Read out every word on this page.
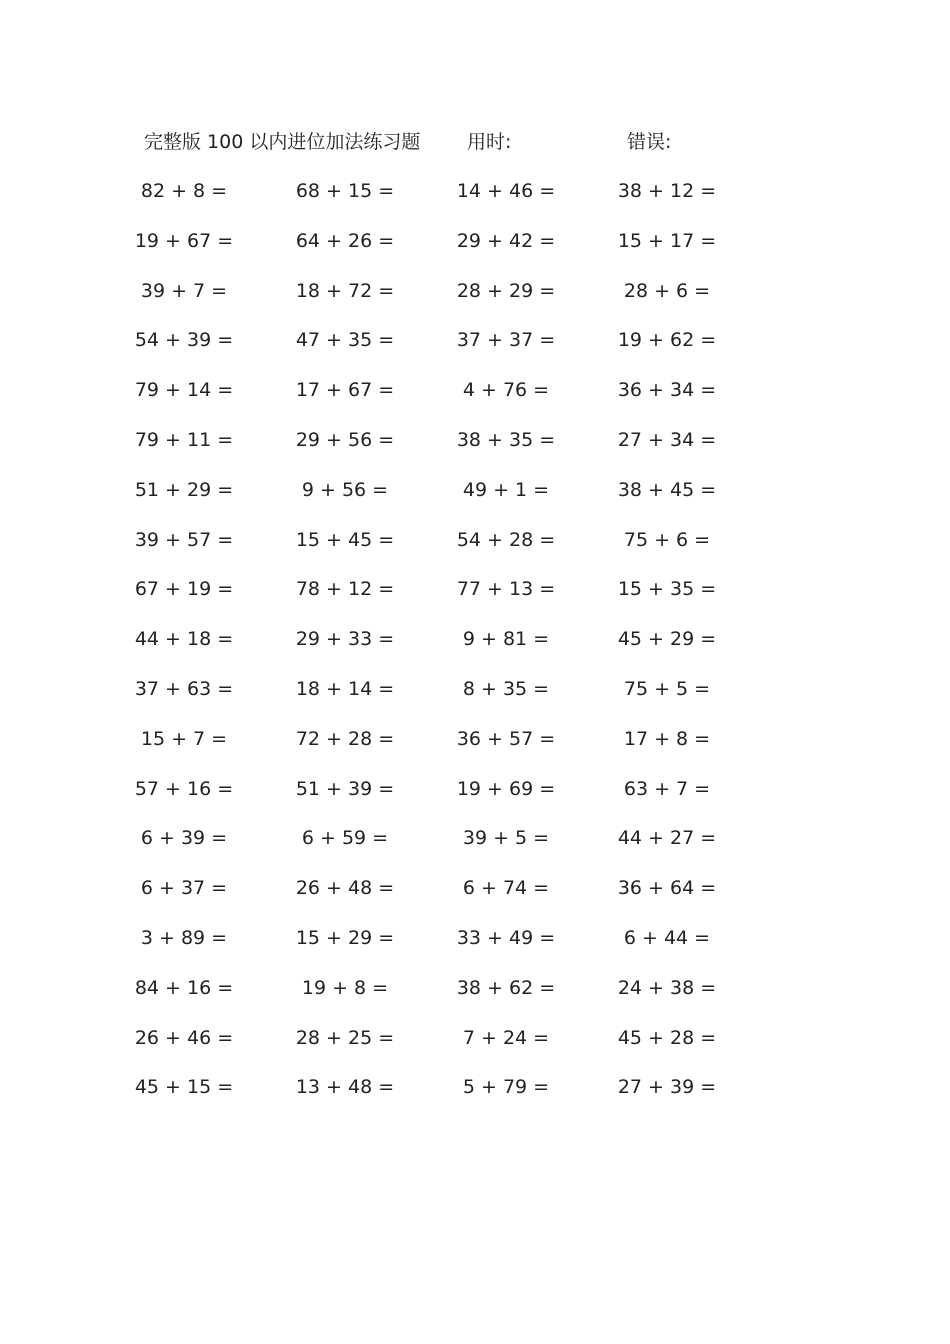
完整版 100 以内进位加法练习题 用时:	错误:
82 + 8 =	68 + 15 =	14 + 46 =	38 + 12 =
19 + 67 =	64 + 26 =	29 + 42 =	15 + 17 =
39 + 7 =	18 + 72 =	28 + 29 =	28 + 6 =
54 + 39 =	47 + 35 =	37 + 37 =	19 + 62 =
79 + 14 =	17 + 67 =	4 + 76 =	36 + 34 =
79 + 11 =	29 + 56 =	38 + 35 =	27 + 34 =
51 + 29 =	9 + 56 =	49 + 1 =	38 + 45 =
39 + 57 =	15 + 45 =	54 + 28 =	75 + 6 =
67 + 19 =	78 + 12 =	77 + 13 =	15 + 35 =
44 + 18 =	29 + 33 =	9 + 81 =	45 + 29 =
37 + 63 =	18 + 14 =	8 + 35 =	75 + 5 =
15 + 7 =	72 + 28 =	36 + 57 =	17 + 8 =
57 + 16 =	51 + 39 =	19 + 69 =	63 + 7 =
6 + 39 =	6 + 59 =	39 + 5 =	44 + 27 =
6 + 37 =	26 + 48 =	6 + 74 =	36 + 64 =
3 + 89 =	15 + 29 =	33 + 49 =	6 + 44 =
84 + 16 =	19 + 8 =	38 + 62 =	24 + 38 =
26 + 46 =	28 + 25 =	7 + 24 =	45 + 28 =
45 + 15 =	13 + 48 =	5 + 79 =	27 + 39 =
